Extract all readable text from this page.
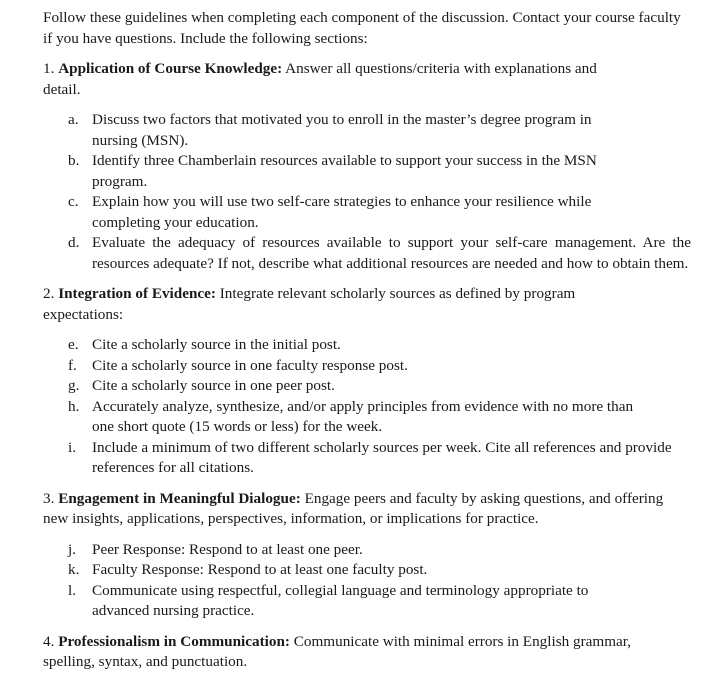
Follow these guidelines when completing each component of the discussion. Contact your course faculty if you have questions. Include the following sections:

1. Application of Course Knowledge: Answer all questions/criteria with explanations and detail.

a. Discuss two factors that motivated you to enroll in the master’s degree program in nursing (MSN).
b. Identify three Chamberlain resources available to support your success in the MSN program.
c. Explain how you will use two self-care strategies to enhance your resilience while completing your education.
d. Evaluate the adequacy of resources available to support your self-care management. Are the resources adequate? If not, describe what additional resources are needed and how to obtain them.

2. Integration of Evidence: Integrate relevant scholarly sources as defined by program expectations:

e. Cite a scholarly source in the initial post.
f. Cite a scholarly source in one faculty response post.
g. Cite a scholarly source in one peer post.
h. Accurately analyze, synthesize, and/or apply principles from evidence with no more than one short quote (15 words or less) for the week.
i.	Include a minimum of two different scholarly sources per week. Cite all references and provide references for all citations.

3. Engagement in Meaningful Dialogue: Engage peers and faculty by asking questions, and offering new insights, applications, perspectives, information, or implications for practice.

j.	Peer Response: Respond to at least one peer.
k. Faculty Response: Respond to at least one faculty post.
l.	Communicate using respectful, collegial language and terminology appropriate to advanced nursing practice.

4. Professionalism in Communication: Communicate with minimal errors in English grammar, spelling, syntax, and punctuation.
